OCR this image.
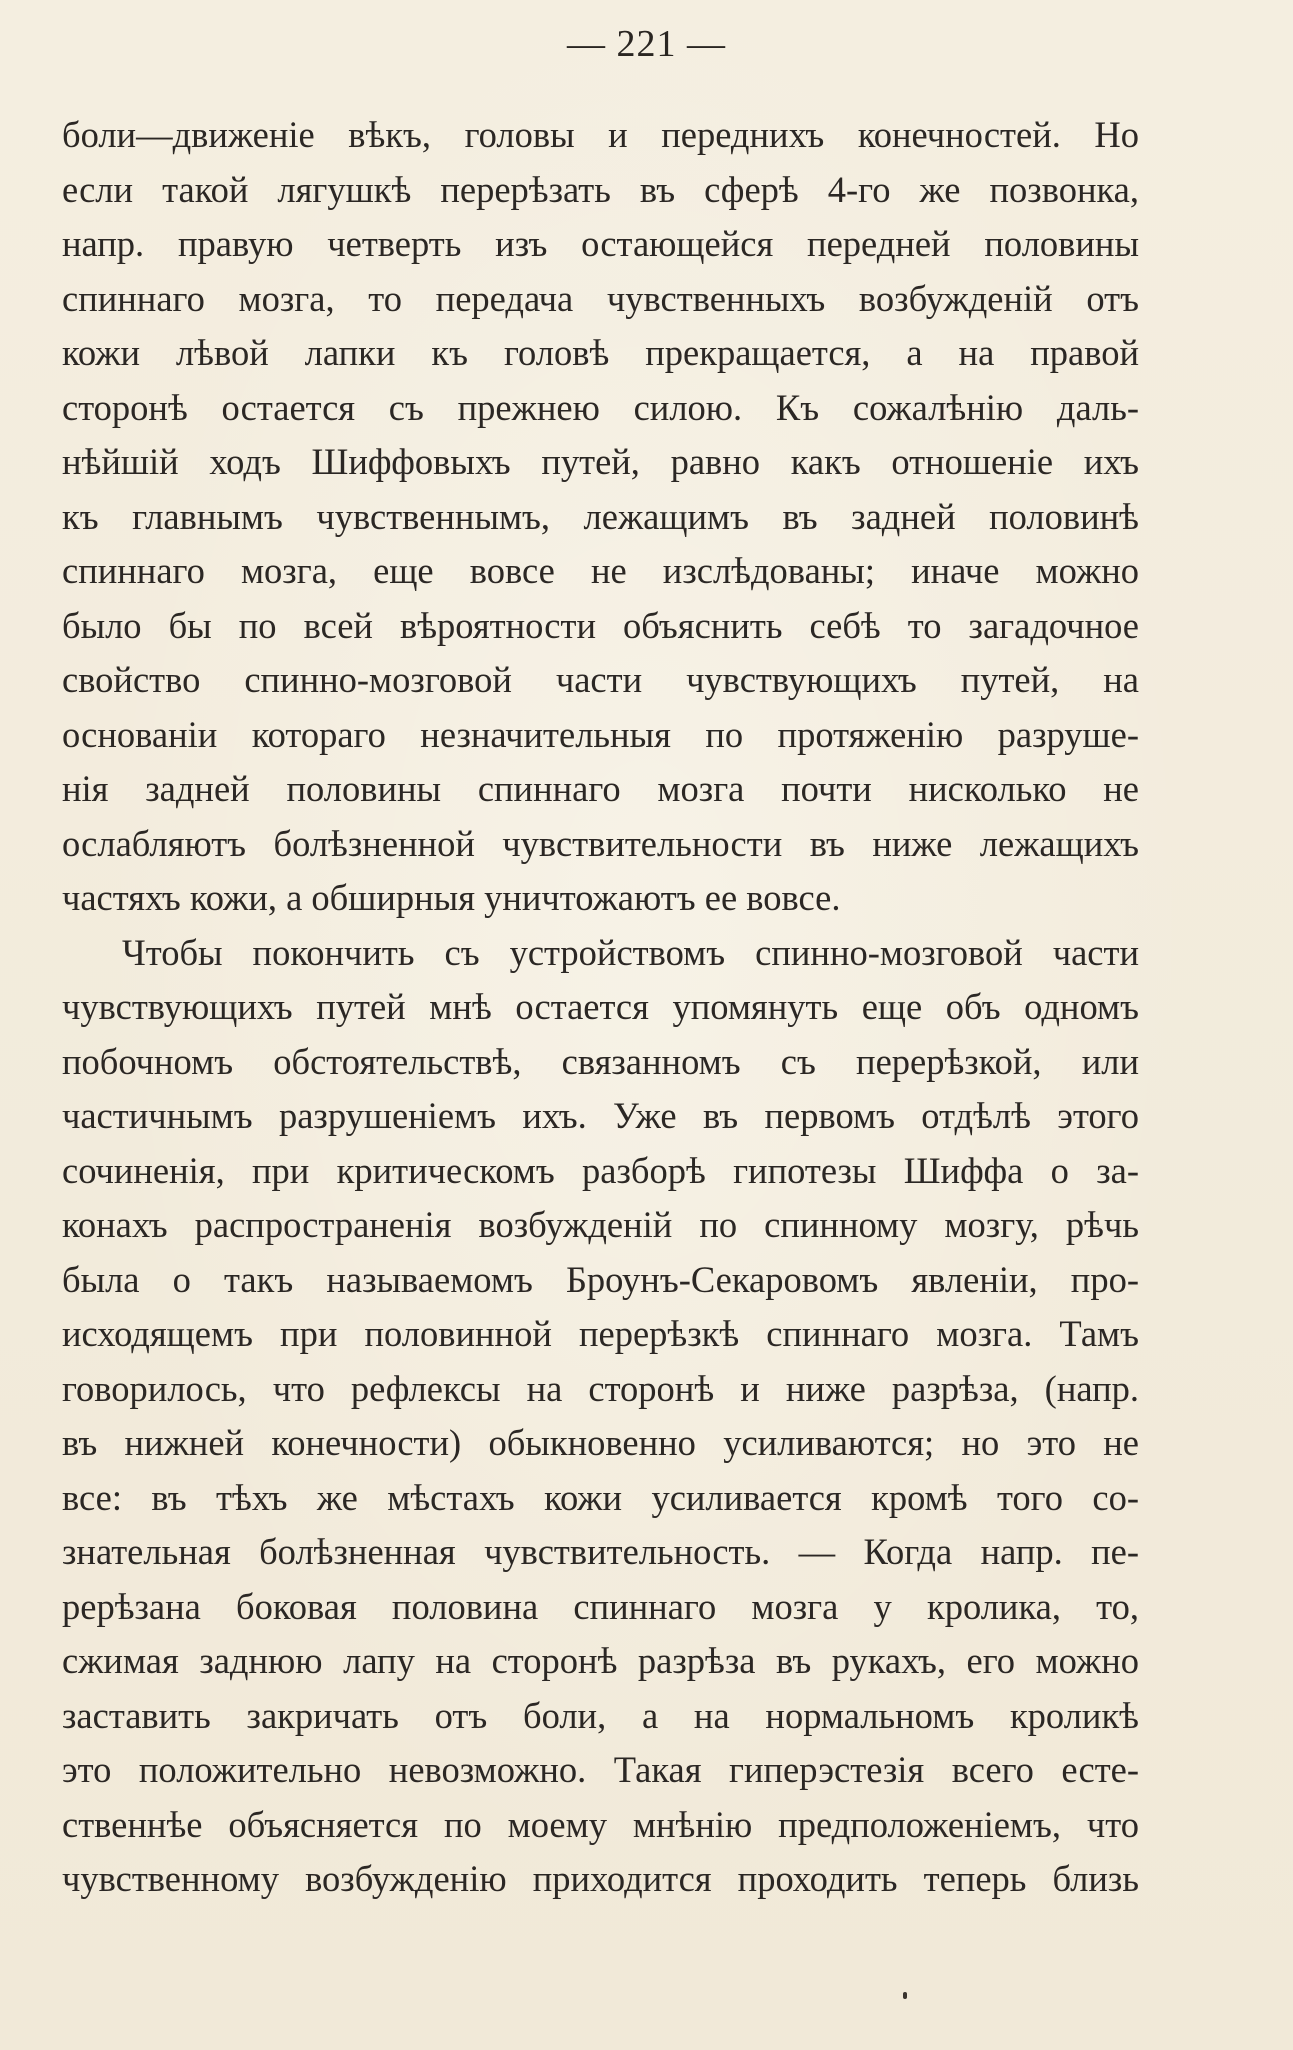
— 221 —
боли—движенiе вѣкъ, головы и переднихъ конечностей. Но
если такой лягушкѣ перерѣзать въ сферѣ 4-го же позвонка,
напр. правую четверть изъ остающейся передней половины
спиннаго мозга, то передача чувственныхъ возбужденiй отъ
кожи лѣвой лапки къ головѣ прекращается, а на правой
сторонѣ остается съ прежнею силою. Къ сожалѣнiю даль-
нѣйшiй ходъ Шиффовыхъ путей, равно какъ отношенiе ихъ
къ главнымъ чувственнымъ, лежащимъ въ задней половинѣ
спиннаго мозга, еще вовсе не изслѣдованы; иначе можно
было бы по всей вѣроятности объяснить себѣ то загадочное
свойство спинно-мозговой части чувствующихъ путей, на
основанiи котораго незначительныя по протяженiю разруше-
нiя задней половины спиннаго мозга почти нисколько не
ослабляютъ болѣзненной чувствительности въ ниже лежащихъ
частяхъ кожи, а обширныя уничтожаютъ ее вовсе.
Чтобы покончить съ устройствомъ спинно-мозговой части
чувствующихъ путей мнѣ остается упомянуть еще объ одномъ
побочномъ обстоятельствѣ, связанномъ съ перерѣзкой, или
частичнымъ разрушенiемъ ихъ. Уже въ первомъ отдѣлѣ этого
сочиненiя, при критическомъ разборѣ гипотезы Шиффа о за-
конахъ распространенiя возбужденiй по спинному мозгу, рѣчь
была о такъ называемомъ Броунъ-Секаровомъ явленiи, про-
исходящемъ при половинной перерѣзкѣ спиннаго мозга. Тамъ
говорилось, что рефлексы на сторонѣ и ниже разрѣза, (напр.
въ нижней конечности) обыкновенно усиливаются; но это не
все: въ тѣхъ же мѣстахъ кожи усиливается кромѣ того со-
знательная болѣзненная чувствительность. — Когда напр. пе-
рерѣзана боковая половина спиннаго мозга у кролика, то,
сжимая заднюю лапу на сторонѣ разрѣза въ рукахъ, его можно
заставить закричать отъ боли, а на нормальномъ кроликѣ
это положительно невозможно. Такая гиперэстезiя всего есте-
ственнѣе объясняется по моему мнѣнiю предположенiемъ, что
чувственному возбужденiю приходится проходить теперь близь
